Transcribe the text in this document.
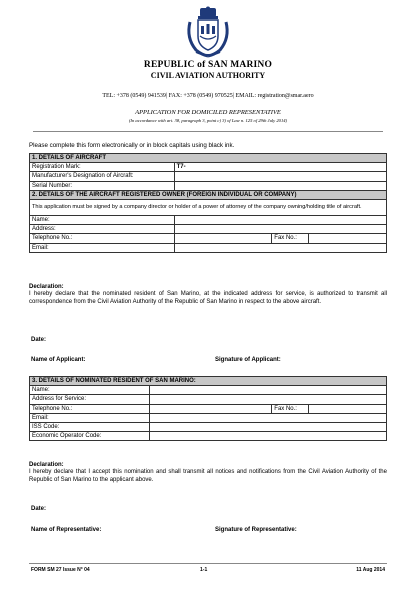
REPUBLIC of SAN MARINO
CIVIL AVIATION AUTHORITY
TEL: +378 (0549) 941539| FAX: +378 (0549) 970525| EMAIL: registration@smar.aero
APPLICATION FOR DOMICILED REPRESENTATIVE
(In accordance with art. 38, paragraph 3, point c) 3) of Law n. 125 of 29th July 2014)
Please complete this form electronically or in block capitals using black ink.
1. DETAILS OF AIRCRAFT			
Registration Mark:	T7-		
Manufacturer's Designation of Aircraft:			
Serial Number:			
2. DETAILS OF THE AIRCRAFT REGISTERED OWNER (FOREIGN INDIVIDUAL OR COMPANY)			
This application must be signed by a company director or holder of a power of attorney of the company owning/holding title of aircraft.			
Name:			
Address:			
Telephone No.:		Fax No.:	
Email:			
Declaration:
I hereby declare that the nominated resident of San Marino, at the indicated address for service, is authorized to transmit all correspondence from the Civil Aviation Authority of the Republic of San Marino in respect to the above aircraft.
Date:
Name of Applicant:	Signature of Applicant:
3. DETAILS OF NOMINATED RESIDENT OF SAN MARINO:			
Name:			
Address for Service:			
Telephone No.:		Fax No.:	
Email:			
ISS Code:			
Economic Operator Code:			
Declaration:
I hereby declare that I accept this nomination and shall transmit all notices and notifications from the Civil Aviation Authority of the Republic of San Marino to the applicant above.
Date:
Name of Representative:	Signature of Representative:
FORM SM 27 Issue N° 04	1-1	11 Aug 2014
